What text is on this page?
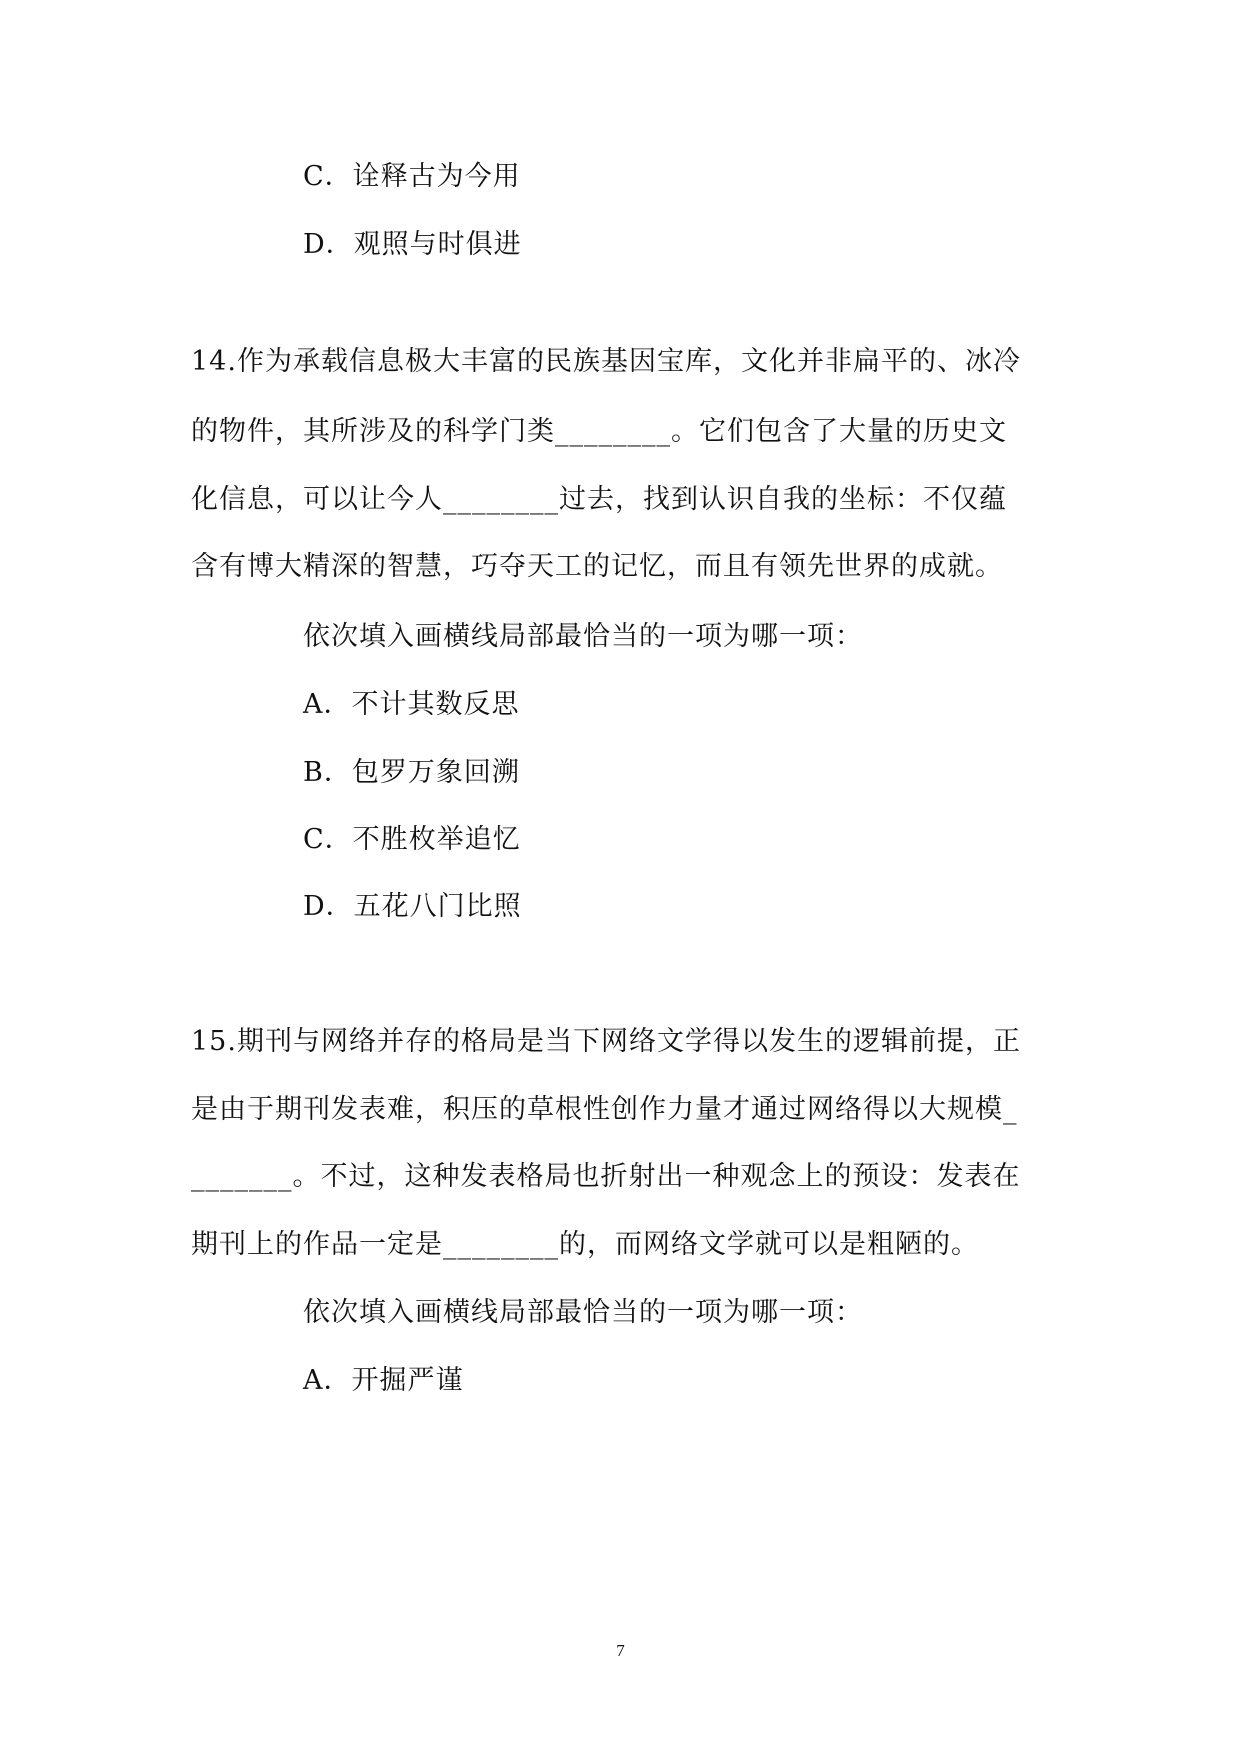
C．诠释古为今用
D．观照与时俱进
14.作为承载信息极大丰富的民族基因宝库，文化并非扁平的、冰冷
的物件，其所涉及的科学门类________。它们包含了大量的历史文
化信息，可以让今人________过去，找到认识自我的坐标：不仅蕴
含有博大精深的智慧，巧夺天工的记忆，而且有领先世界的成就。
依次填入画横线局部最恰当的一项为哪一项：
A．不计其数反思
B．包罗万象回溯
C．不胜枚举追忆
D．五花八门比照
15.期刊与网络并存的格局是当下网络文学得以发生的逻辑前提，正
是由于期刊发表难，积压的草根性创作力量才通过网络得以大规模_
_______。不过，这种发表格局也折射出一种观念上的预设：发表在
期刊上的作品一定是________的，而网络文学就可以是粗陋的。
依次填入画横线局部最恰当的一项为哪一项：
A．开掘严谨
7
